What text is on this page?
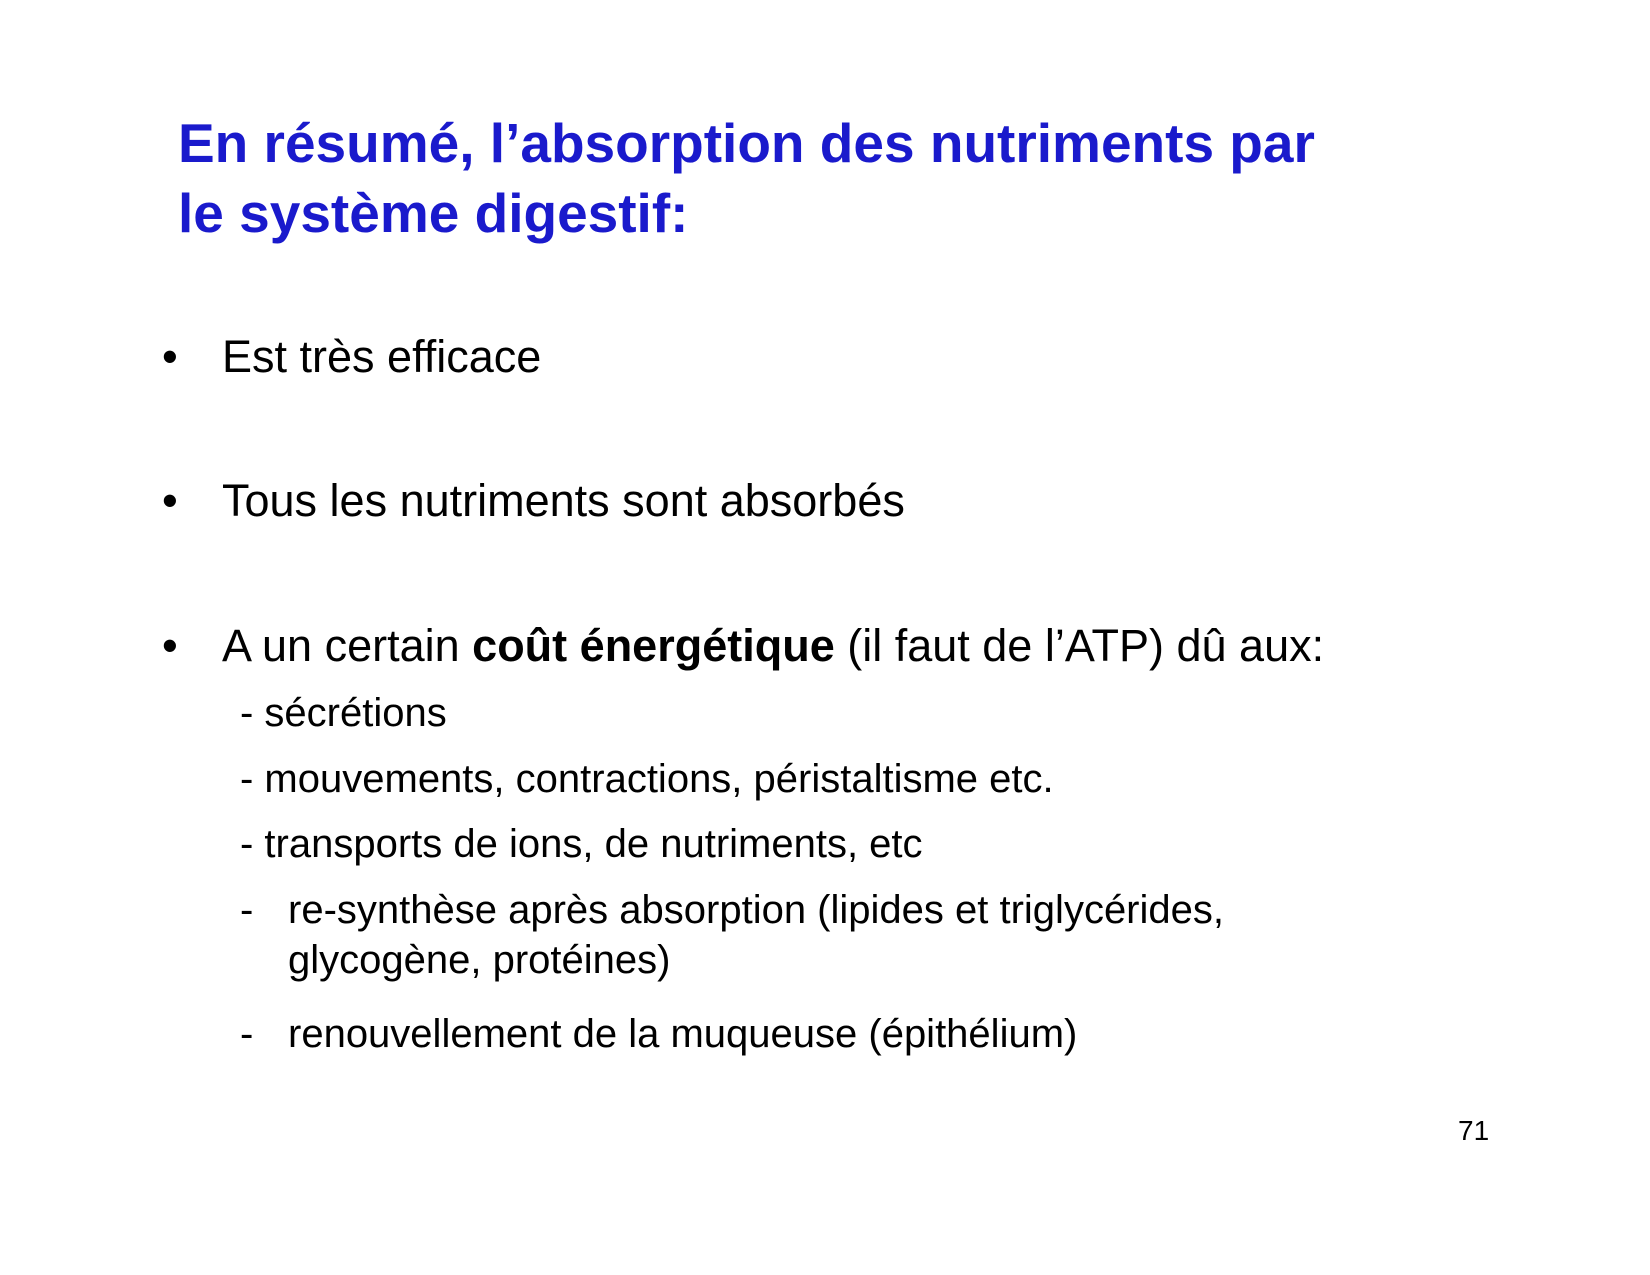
En résumé, l’absorption des nutriments par
le système digestif:
• Est très efficace
• Tous les nutriments sont absorbés
• A un certain coût énergétique (il faut de l’ATP) dû aux:
- sécrétions
- mouvements, contractions, péristaltisme etc.
- transports de ions, de nutriments, etc
- re-synthèse après absorption (lipides et triglycérides,
glycogène, protéines)
- renouvellement de la muqueuse (épithélium)
71
